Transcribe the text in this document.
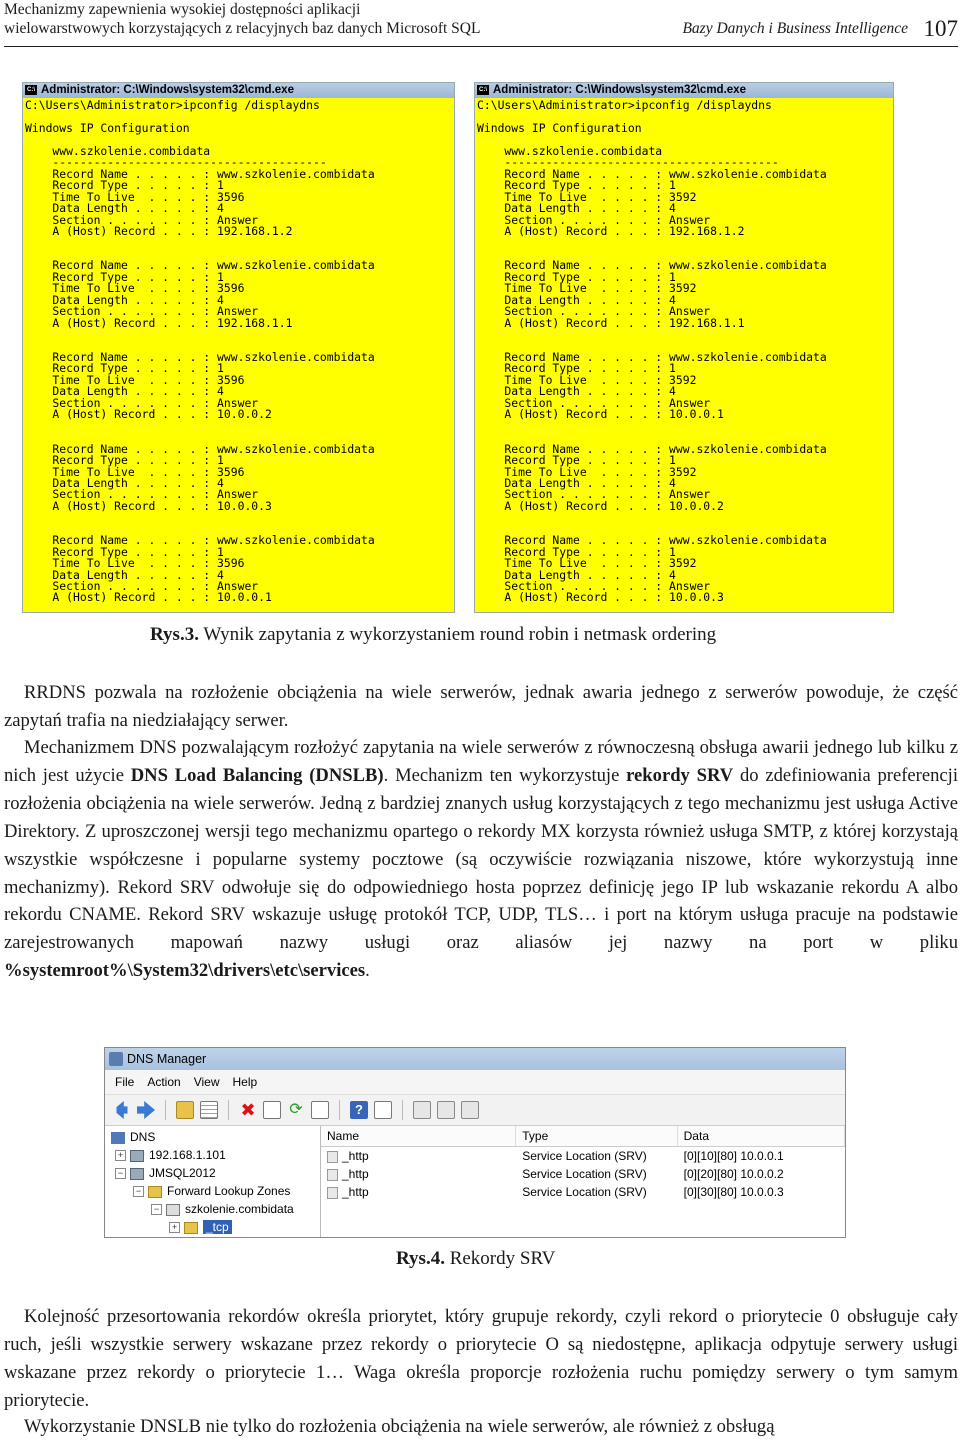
Mechanizmy zapewnienia wysokiej dostępności aplikacji
wielowarstwowych korzystających z relacyjnych baz danych Microsoft SQL	Bazy Danych i Business Intelligence 107
C:\ Administrator: C:\Windows\system32\cmd.exe
C:\Users\Administrator>ipconfig /displaydns

Windows IP Configuration

www.szkolenie.combidata
----------------------------------------
Record Name . . . . . : www.szkolenie.combidata
Record Type . . . . . : 1
Time To Live  . . . . : 3596
Data Length . . . . . : 4
Section . . . . . . . : Answer
A (Host) Record . . . : 192.168.1.2

Record Name . . . . . : www.szkolenie.combidata
Record Type . . . . . : 1
Time To Live  . . . . : 3596
Data Length . . . . . : 4
Section . . . . . . . : Answer
A (Host) Record . . . : 192.168.1.1

Record Name . . . . . : www.szkolenie.combidata
Record Type . . . . . : 1
Time To Live  . . . . : 3596
Data Length . . . . . : 4
Section . . . . . . . : Answer
A (Host) Record . . . : 10.0.0.2

Record Name . . . . . : www.szkolenie.combidata
Record Type . . . . . : 1
Time To Live  . . . . : 3596
Data Length . . . . . : 4
Section . . . . . . . : Answer
A (Host) Record . . . : 10.0.0.3

Record Name . . . . . : www.szkolenie.combidata
Record Type . . . . . : 1
Time To Live  . . . . : 3596
Data Length . . . . . : 4
Section . . . . . . . : Answer
A (Host) Record . . . : 10.0.0.1
C:\ Administrator: C:\Windows\system32\cmd.exe
C:\Users\Administrator>ipconfig /displaydns

Windows IP Configuration

www.szkolenie.combidata
----------------------------------------
Record Name . . . . . : www.szkolenie.combidata
Record Type . . . . . : 1
Time To Live  . . . . : 3592
Data Length . . . . . : 4
Section . . . . . . . : Answer
A (Host) Record . . . : 192.168.1.2

Record Name . . . . . : www.szkolenie.combidata
Record Type . . . . . : 1
Time To Live  . . . . : 3592
Data Length . . . . . : 4
Section . . . . . . . : Answer
A (Host) Record . . . : 192.168.1.1

Record Name . . . . . : www.szkolenie.combidata
Record Type . . . . . : 1
Time To Live  . . . . : 3592
Data Length . . . . . : 4
Section . . . . . . . : Answer
A (Host) Record . . . : 10.0.0.1

Record Name . . . . . : www.szkolenie.combidata
Record Type . . . . . : 1
Time To Live  . . . . : 3592
Data Length . . . . . : 4
Section . . . . . . . : Answer
A (Host) Record . . . : 10.0.0.2

Record Name . . . . . : www.szkolenie.combidata
Record Type . . . . . : 1
Time To Live  . . . . : 3592
Data Length . . . . . : 4
Section . . . . . . . : Answer
A (Host) Record . . . : 10.0.0.3
Rys.3. Wynik zapytania z wykorzystaniem round robin i netmask ordering

RRDNS pozwala na rozłożenie obciążenia na wiele serwerów, jednak awaria jednego z serwerów powoduje, że część zapytań trafia na niedziałający serwer.

Mechanizmem DNS pozwalającym rozłożyć zapytania na wiele serwerów z równoczesną obsługa awarii jednego lub kilku z nich jest użycie DNS Load Balancing (DNSLB). Mechanizm ten wykorzystuje rekordy SRV do zdefiniowania preferencji rozłożenia obciążenia na wiele serwerów. Jedną z bardziej znanych usług korzystających z tego mechanizmu jest usługa Active Direktory. Z uproszczonej wersji tego mechanizmu opartego o rekordy MX korzysta również usługa SMTP, z której korzystają wszystkie współczesne i popularne systemy pocztowe (są oczywiście rozwiązania niszowe, które wykorzystują inne mechanizmy). Rekord SRV odwołuje się do odpowiedniego hosta poprzez definicję jego IP lub wskazanie rekordu A albo rekordu CNAME. Rekord SRV wskazuje usługę protokół TCP, UDP, TLS… i port na którym usługa pracuje na podstawie zarejestrowanych mapowań nazwy usługi oraz aliasów jej nazwy na port w pliku %systemroot%\System32\drivers\etc\services.

DNS Manager
File Action View Help
✖ ⟳	?
DNS
+ 192.168.1.101
− JMSQL2012
− Forward Lookup Zones
− szkolenie.combidata
+ _tcp
Name	Type	Data
_http	Service Location (SRV)	[0][10][80] 10.0.0.1
_http	Service Location (SRV)	[0][20][80] 10.0.0.2
_http	Service Location (SRV)	[0][30][80] 10.0.0.3
Rys.4. Rekordy SRV

Kolejność przesortowania rekordów określa priorytet, który grupuje rekordy, czyli rekord o priorytecie 0 obsługuje cały ruch, jeśli wszystkie serwery wskazane przez rekordy o priorytecie O są niedostępne, aplikacja odpytuje serwery usługi wskazane przez rekordy o priorytecie 1… Waga określa proporcje rozłożenia ruchu pomiędzy serwery o tym samym priorytecie.

Wykorzystanie DNSLB nie tylko do rozłożenia obciążenia na wiele serwerów, ale również z obsługą
